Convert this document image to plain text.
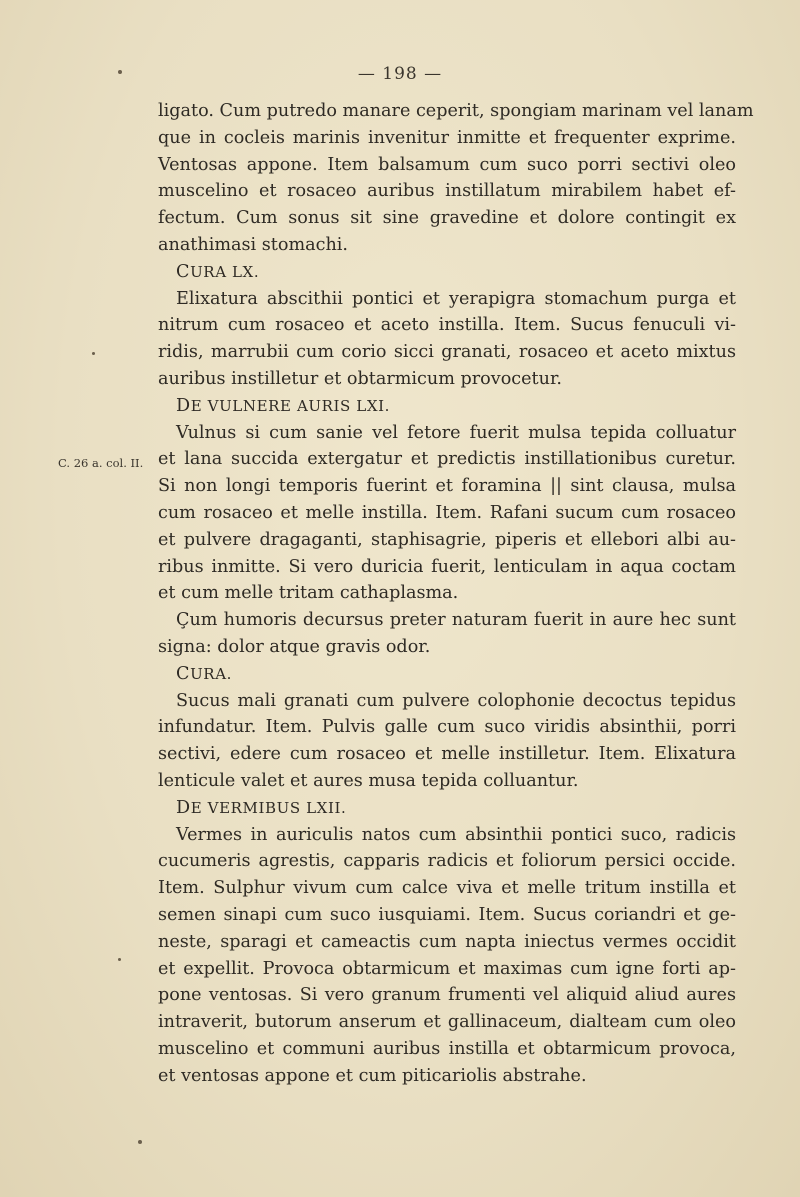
— 198 —
C. 26 a. col. II.
ligato. Cum putredo manare ceperit, spongiam marinam vel lanam
que in cocleis marinis invenitur inmitte et frequenter exprime.
Ventosas appone. Item balsamum cum suco porri sectivi oleo
muscelino et rosaceo auribus instillatum mirabilem habet ef-
fectum. Cum sonus sit sine gravedine et dolore contingit ex
anathimasi stomachi.
CURA LX.
Elixatura abscithii pontici et yerapigra stomachum purga et
nitrum cum rosaceo et aceto instilla. Item. Sucus fenuculi vi-
ridis, marrubii cum corio sicci granati, rosaceo et aceto mixtus
auribus instilletur et obtarmicum provocetur.
DE VULNERE AURIS LXI.
Vulnus si cum sanie vel fetore fuerit mulsa tepida colluatur
et lana succida extergatur et predictis instillationibus curetur.
Si non longi temporis fuerint et foramina || sint clausa, mulsa
cum rosaceo et melle instilla. Item. Rafani sucum cum rosaceo
et pulvere dragaganti, staphisagrie, piperis et ellebori albi au-
ribus inmitte. Si vero duricia fuerit, lenticulam in aqua coctam
et cum melle tritam cathaplasma.
Çum humoris decursus preter naturam fuerit in aure hec sunt
signa: dolor atque gravis odor.
CURA.
Sucus mali granati cum pulvere colophonie decoctus tepidus
infundatur. Item. Pulvis galle cum suco viridis absinthii, porri
sectivi, edere cum rosaceo et melle instilletur. Item. Elixatura
lenticule valet et aures musa tepida colluantur.
DE VERMIBUS LXII.
Vermes in auriculis natos cum absinthii pontici suco, radicis
cucumeris agrestis, capparis radicis et foliorum persici occide.
Item. Sulphur vivum cum calce viva et melle tritum instilla et
semen sinapi cum suco iusquiami. Item. Sucus coriandri et ge-
neste, sparagi et cameactis cum napta iniectus vermes occidit
et expellit. Provoca obtarmicum et maximas cum igne forti ap-
pone ventosas. Si vero granum frumenti vel aliquid aliud aures
intraverit, butorum anserum et gallinaceum, dialteam cum oleo
muscelino et communi auribus instilla et obtarmicum provoca,
et ventosas appone et cum piticariolis abstrahe.
